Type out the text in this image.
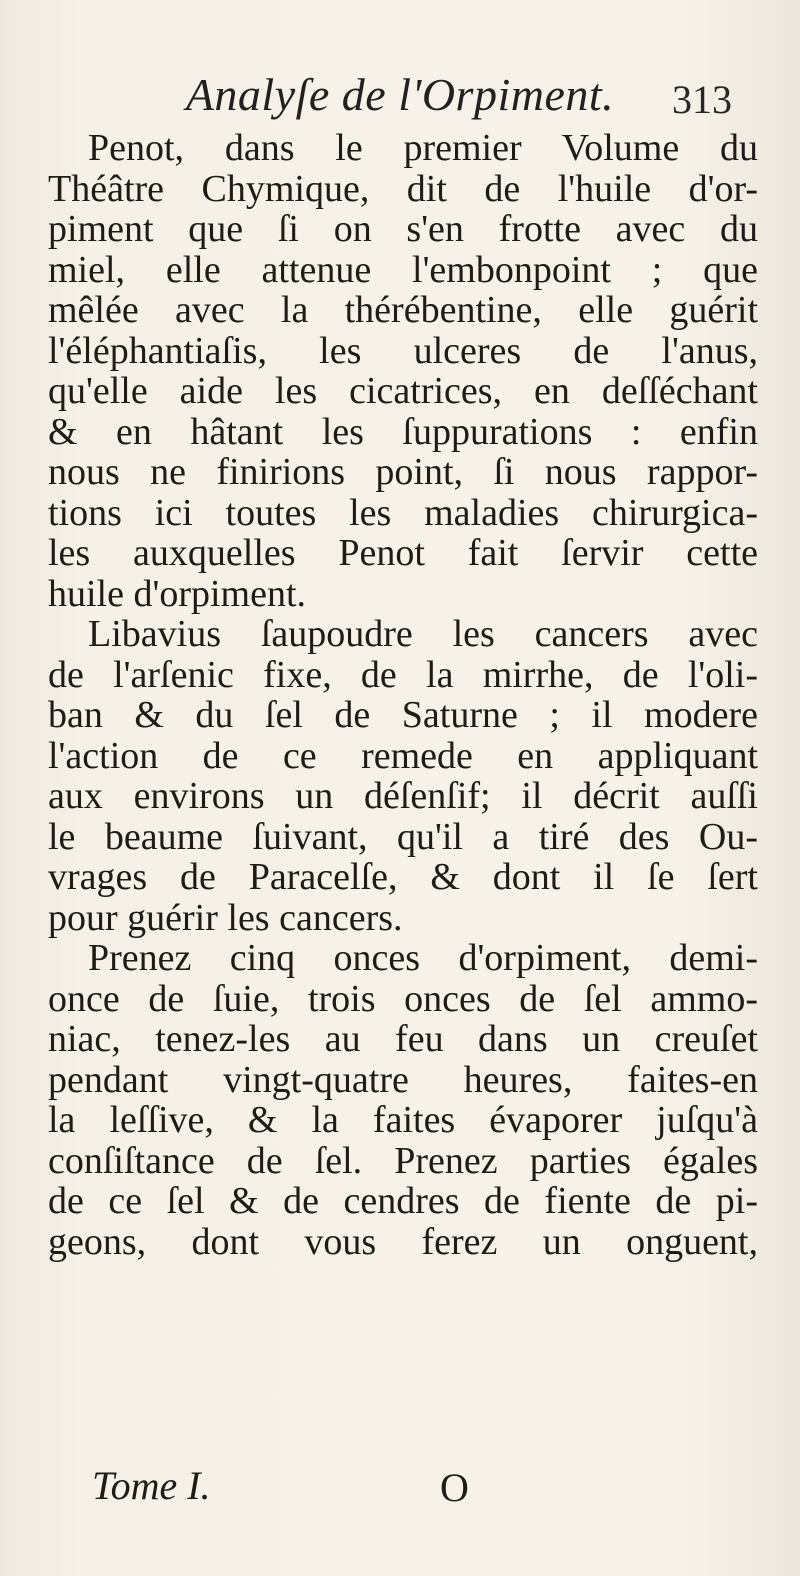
Analyſe de l'Orpiment.	313
Penot, dans le premier Volume du
Théâtre Chymique, dit de l'huile d'or-
piment que ſi on s'en frotte avec du
miel, elle attenue l'embonpoint ; que
mêlée avec la thérébentine, elle guérit
l'éléphantiaſis, les ulceres de l'anus,
qu'elle aide les cicatrices, en deſſéchant
& en hâtant les ſuppurations : enfin
nous ne finirions point, ſi nous rappor-
tions ici toutes les maladies chirurgica-
les auxquelles Penot fait ſervir cette
huile d'orpiment.
Libavius ſaupoudre les cancers avec
de l'arſenic fixe, de la mirrhe, de l'oli-
ban & du ſel de Saturne ; il modere
l'action de ce remede en appliquant
aux environs un déſenſif; il décrit auſſi
le beaume ſuivant, qu'il a tiré des Ou-
vrages de Paracelſe, & dont il ſe ſert
pour guérir les cancers.
Prenez cinq onces d'orpiment, demi-
once de ſuie, trois onces de ſel ammo-
niac, tenez-les au feu dans un creuſet
pendant vingt-quatre heures, faites-en
la leſſive, & la faites évaporer juſqu'à
conſiſtance de ſel. Prenez parties égales
de ce ſel & de cendres de fiente de pi-
geons, dont vous ferez un onguent,
Tome I.	O
